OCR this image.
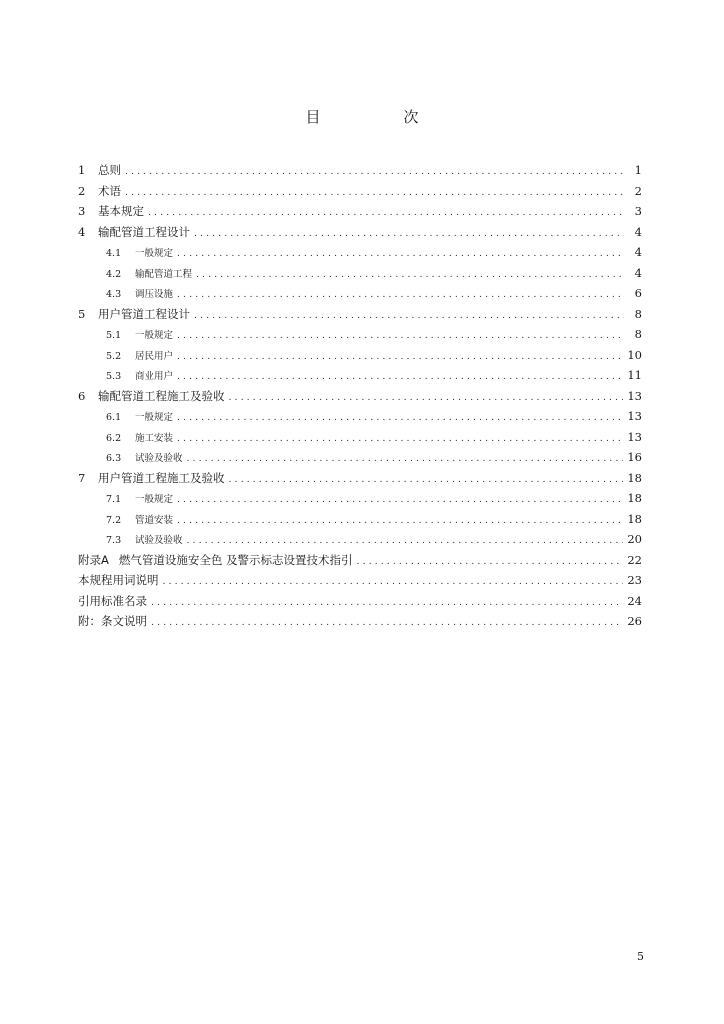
目　次
1	总则 . . .	1
2	术语 . . .	2
3	基本规定 . . .	3
4	输配管道工程设计 . . .	4
4.1	一般规定 . . .	4
4.2	输配管道工程 . . .	4
4.3	调压设施 . . .	6
5	用户管道工程设计 . . .	8
5.1	一般规定 . . .	8
5.2	居民用户 . . .	10
5.3	商业用户 . . .	11
6	输配管道工程施工及验收 . . .	13
6.1	一般规定 . . .	13
6.2	施工安装 . . .	13
6.3	试验及验收 . . .	16
7	用户管道工程施工及验收 . . .	18
7.1	一般规定 . . .	18
7.2	管道安装 . . .	18
7.3	试验及验收 . . .	20
附录A 燃气管道设施安全色 及警示标志设置技术指引 . . .	22
本规程用词说明 . . .	23
引用标准名录 . . .	24
附：条文说明 . . .	26
5
